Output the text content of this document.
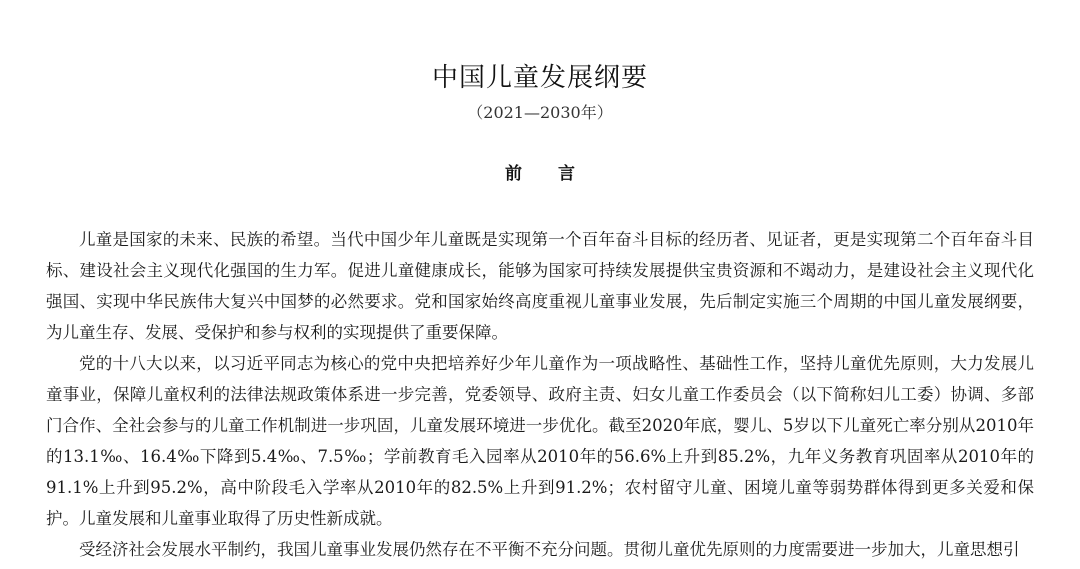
中国儿童发展纲要
（2021—2030年）
前 言

儿童是国家的未来、民族的希望。当代中国少年儿童既是实现第一个百年奋斗目标的经历者、见证者，更是实现第二个百年奋斗目标、建设社会主义现代化强国的生力军。促进儿童健康成长，能够为国家可持续发展提供宝贵资源和不竭动力，是建设社会主义现代化强国、实现中华民族伟大复兴中国梦的必然要求。党和国家始终高度重视儿童事业发展，先后制定实施三个周期的中国儿童发展纲要，为儿童生存、发展、受保护和参与权利的实现提供了重要保障。

党的十八大以来，以习近平同志为核心的党中央把培养好少年儿童作为一项战略性、基础性工作，坚持儿童优先原则，大力发展儿童事业，保障儿童权利的法律法规政策体系进一步完善，党委领导、政府主责、妇女儿童工作委员会（以下简称妇儿工委）协调、多部门合作、全社会参与的儿童工作机制进一步巩固，儿童发展环境进一步优化。截至2020年底，婴儿、5岁以下儿童死亡率分别从2010年的13.1‰、16.4‰下降到5.4‰、7.5‰；学前教育毛入园率从2010年的56.6%上升到85.2%，九年义务教育巩固率从2010年的91.1%上升到95.2%，高中阶段毛入学率从2010年的82.5%上升到91.2%；农村留守儿童、困境儿童等弱势群体得到更多关爱和保护。儿童发展和儿童事业取得了历史性新成就。

受经济社会发展水平制约，我国儿童事业发展仍然存在不平衡不充分问题。贯彻儿童优先原则的力度需要进一步加大，儿童思想引
